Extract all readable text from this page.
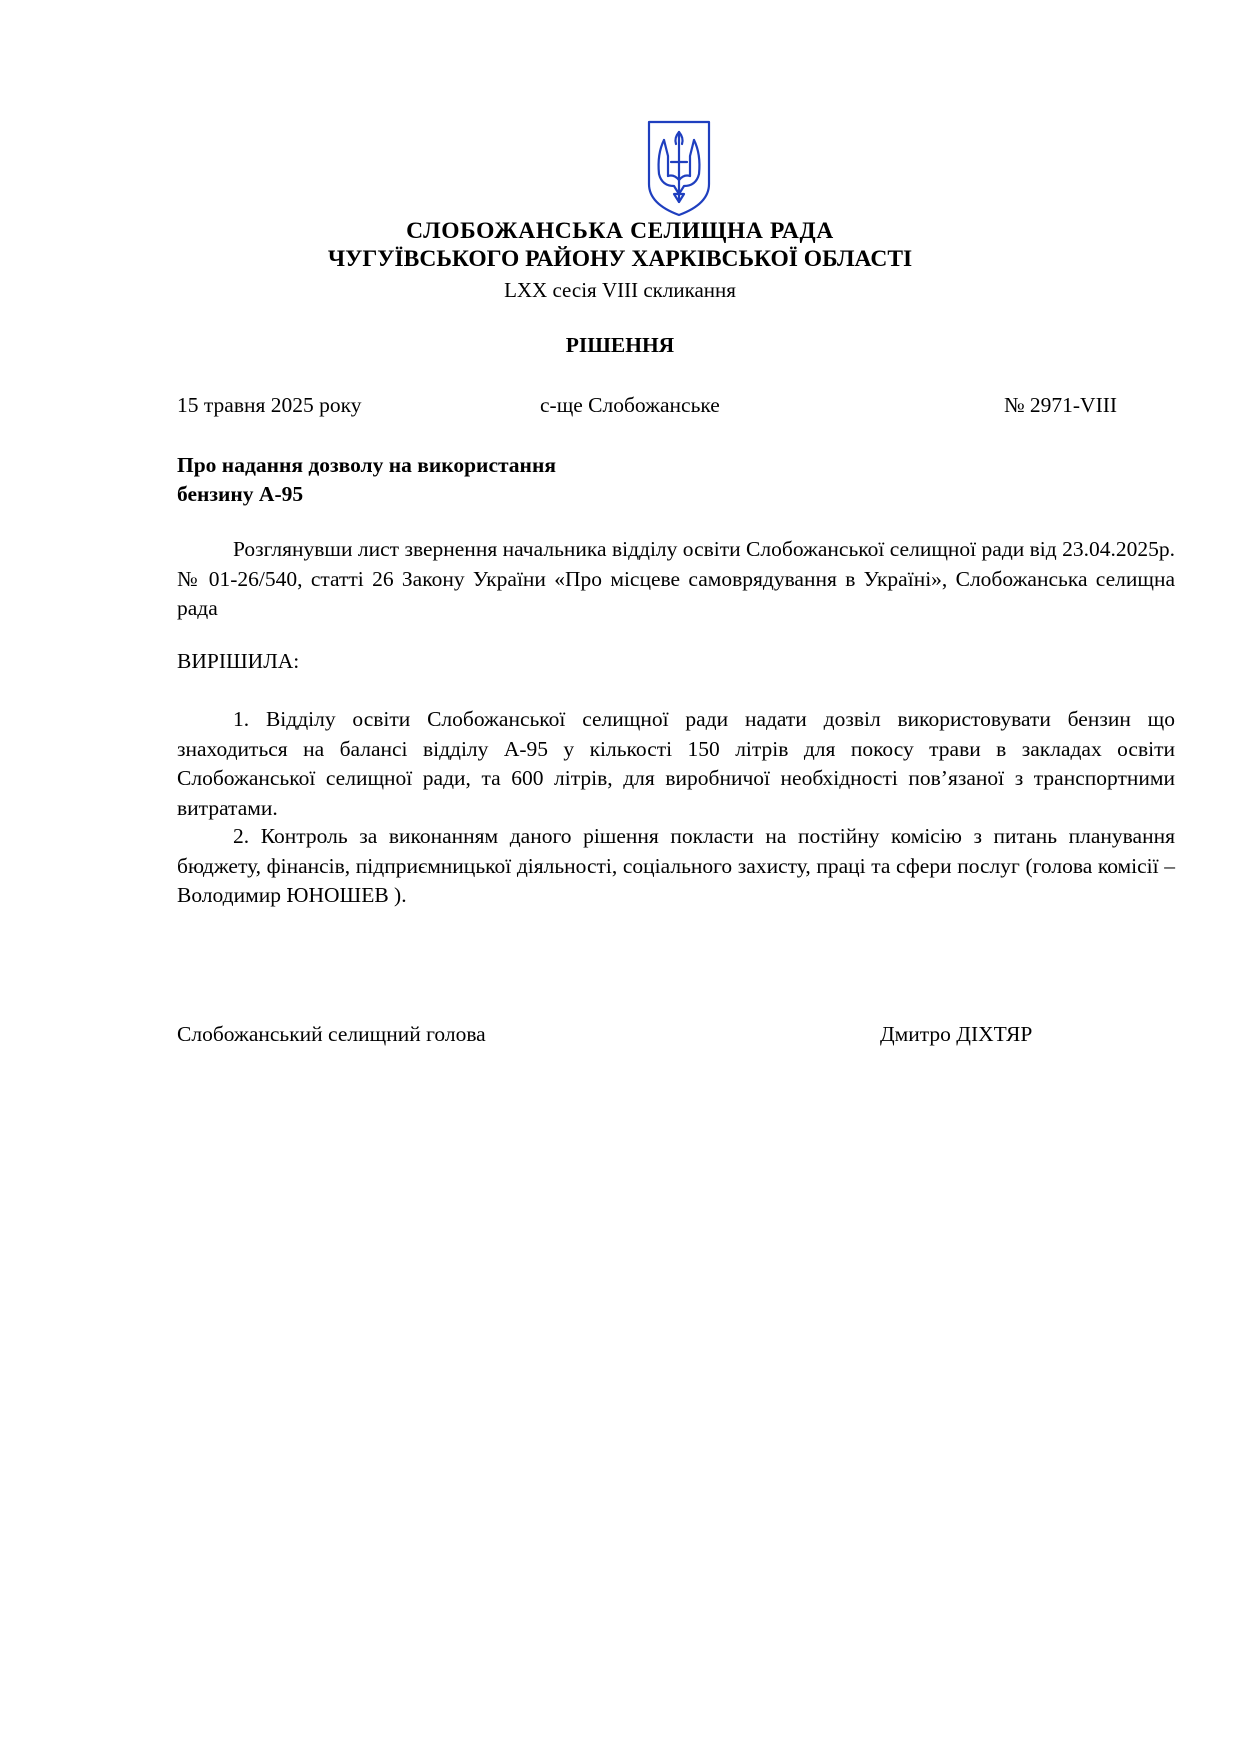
СЛОБОЖАНСЬКА СЕЛИЩНА РАДА
ЧУГУЇВСЬКОГО РАЙОНУ ХАРКІВСЬКОЇ ОБЛАСТІ
LXX сесія VIII скликання
РІШЕННЯ
15 травня 2025 року	с-ще Слобожанське	№ 2971-VIII
Про надання дозволу на використання
бензину А-95
Розглянувши лист звернення начальника відділу освіти Слобожанської селищної ради від 23.04.2025р. № 01-26/540, статті 26 Закону України «Про місцеве самоврядування в Україні», Слобожанська селищна рада
ВИРІШИЛА:
1. Відділу освіти Слобожанської селищної ради надати дозвіл використовувати бензин що знаходиться на балансі відділу А-95 у кількості 150 літрів для покосу трави в закладах освіти Слобожанської селищної ради, та 600 літрів, для виробничої необхідності пов’язаної з транспортними витратами.
2. Контроль за виконанням даного рішення покласти на постійну комісію з питань планування бюджету, фінансів, підприємницької діяльності, соціального захисту, праці та сфери послуг (голова комісії – Володимир ЮНОШЕВ ).
Слобожанський селищний голова	Дмитро ДІХТЯР
